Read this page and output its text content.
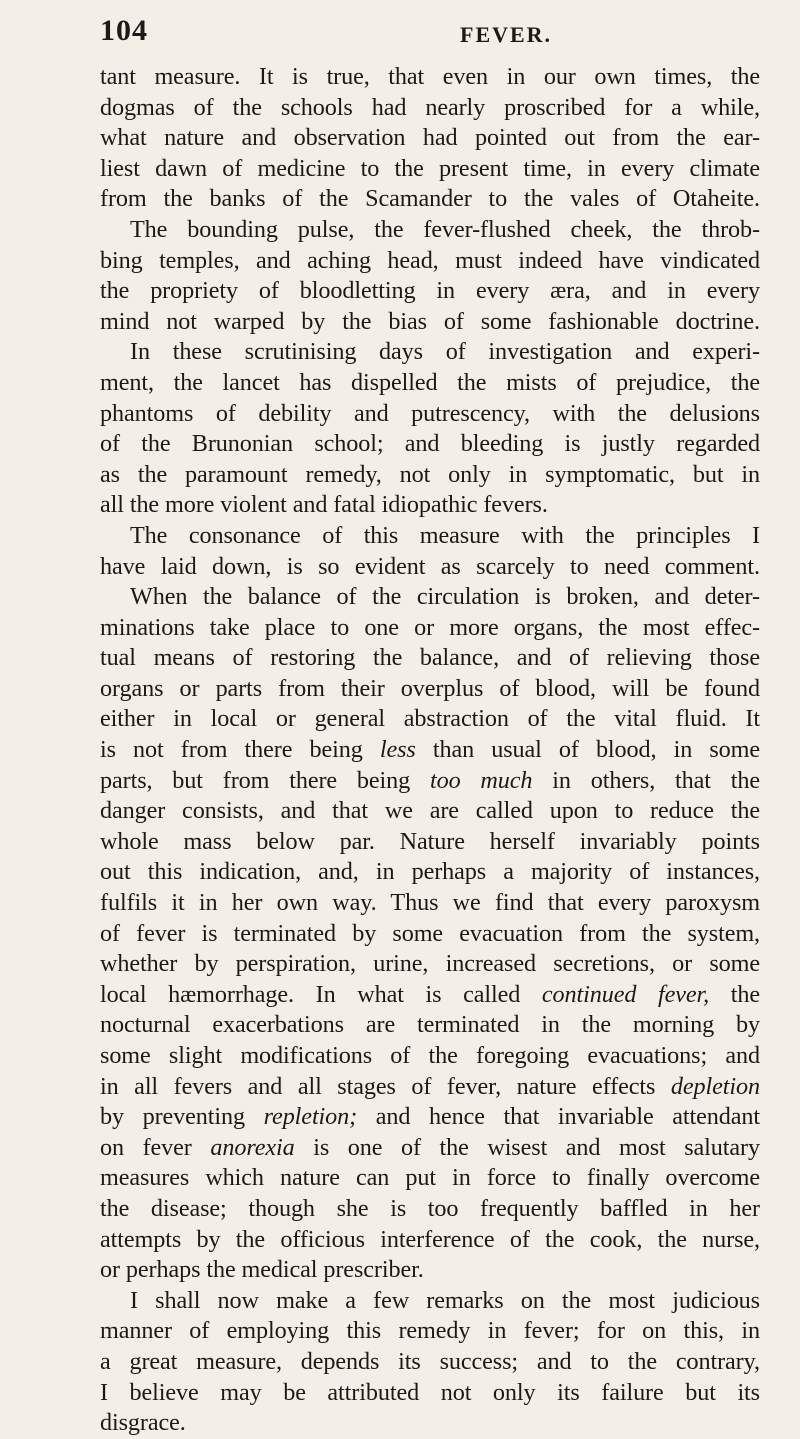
104	FEVER.
tant measure. It is true, that even in our own times, the
dogmas of the schools had nearly proscribed for a while,
what nature and observation had pointed out from the ear-
liest dawn of medicine to the present time, in every climate
from the banks of the Scamander to the vales of Otaheite.
The bounding pulse, the fever-flushed cheek, the throb-
bing temples, and aching head, must indeed have vindicated
the propriety of bloodletting in every æra, and in every
mind not warped by the bias of some fashionable doctrine.
In these scrutinising days of investigation and experi-
ment, the lancet has dispelled the mists of prejudice, the
phantoms of debility and putrescency, with the delusions
of the Brunonian school; and bleeding is justly regarded
as the paramount remedy, not only in symptomatic, but in
all the more violent and fatal idiopathic fevers.
The consonance of this measure with the principles I
have laid down, is so evident as scarcely to need comment.
When the balance of the circulation is broken, and deter-
minations take place to one or more organs, the most effec-
tual means of restoring the balance, and of relieving those
organs or parts from their overplus of blood, will be found
either in local or general abstraction of the vital fluid. It
is not from there being less than usual of blood, in some
parts, but from there being too much in others, that the
danger consists, and that we are called upon to reduce the
whole mass below par. Nature herself invariably points
out this indication, and, in perhaps a majority of instances,
fulfils it in her own way. Thus we find that every paroxysm
of fever is terminated by some evacuation from the system,
whether by perspiration, urine, increased secretions, or some
local hæmorrhage. In what is called continued fever, the
nocturnal exacerbations are terminated in the morning by
some slight modifications of the foregoing evacuations; and
in all fevers and all stages of fever, nature effects depletion
by preventing repletion; and hence that invariable attendant
on fever anorexia is one of the wisest and most salutary
measures which nature can put in force to finally overcome
the disease; though she is too frequently baffled in her
attempts by the officious interference of the cook, the nurse,
or perhaps the medical prescriber.
I shall now make a few remarks on the most judicious
manner of employing this remedy in fever; for on this, in
a great measure, depends its success; and to the contrary,
I believe may be attributed not only its failure but its
disgrace.
